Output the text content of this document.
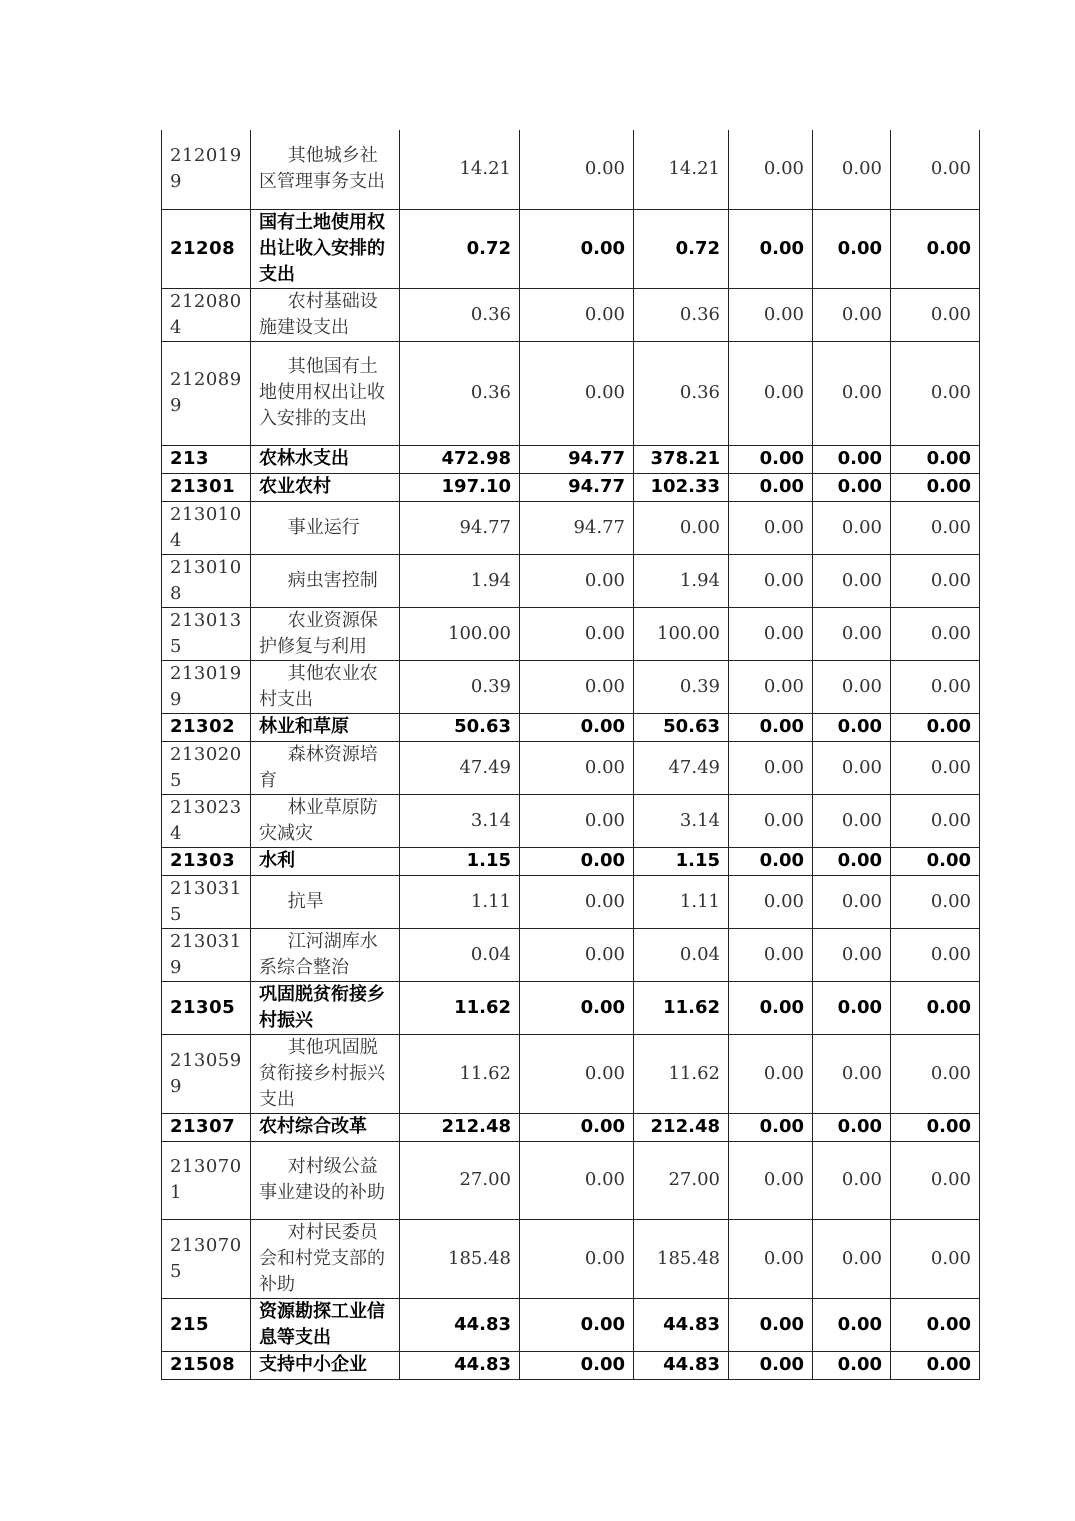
2120199	其他城乡社区管理事务支出	14.21	0.00	14.21	0.00	0.00	0.00
21208	国有土地使用权出让收入安排的支出	0.72	0.00	0.72	0.00	0.00	0.00
2120804	农村基础设施建设支出	0.36	0.00	0.36	0.00	0.00	0.00
2120899	其他国有土地使用权出让收入安排的支出	0.36	0.00	0.36	0.00	0.00	0.00
213	农林水支出	472.98	94.77	378.21	0.00	0.00	0.00
21301	农业农村	197.10	94.77	102.33	0.00	0.00	0.00
2130104	事业运行	94.77	94.77	0.00	0.00	0.00	0.00
2130108	病虫害控制	1.94	0.00	1.94	0.00	0.00	0.00
2130135	农业资源保护修复与利用	100.00	0.00	100.00	0.00	0.00	0.00
2130199	其他农业农村支出	0.39	0.00	0.39	0.00	0.00	0.00
21302	林业和草原	50.63	0.00	50.63	0.00	0.00	0.00
2130205	森林资源培育	47.49	0.00	47.49	0.00	0.00	0.00
2130234	林业草原防灾减灾	3.14	0.00	3.14	0.00	0.00	0.00
21303	水利	1.15	0.00	1.15	0.00	0.00	0.00
2130315	抗旱	1.11	0.00	1.11	0.00	0.00	0.00
2130319	江河湖库水系综合整治	0.04	0.00	0.04	0.00	0.00	0.00
21305	巩固脱贫衔接乡村振兴	11.62	0.00	11.62	0.00	0.00	0.00
2130599	其他巩固脱贫衔接乡村振兴支出	11.62	0.00	11.62	0.00	0.00	0.00
21307	农村综合改革	212.48	0.00	212.48	0.00	0.00	0.00
2130701	对村级公益事业建设的补助	27.00	0.00	27.00	0.00	0.00	0.00
2130705	对村民委员会和村党支部的补助	185.48	0.00	185.48	0.00	0.00	0.00
215	资源勘探工业信息等支出	44.83	0.00	44.83	0.00	0.00	0.00
21508	支持中小企业	44.83	0.00	44.83	0.00	0.00	0.00
